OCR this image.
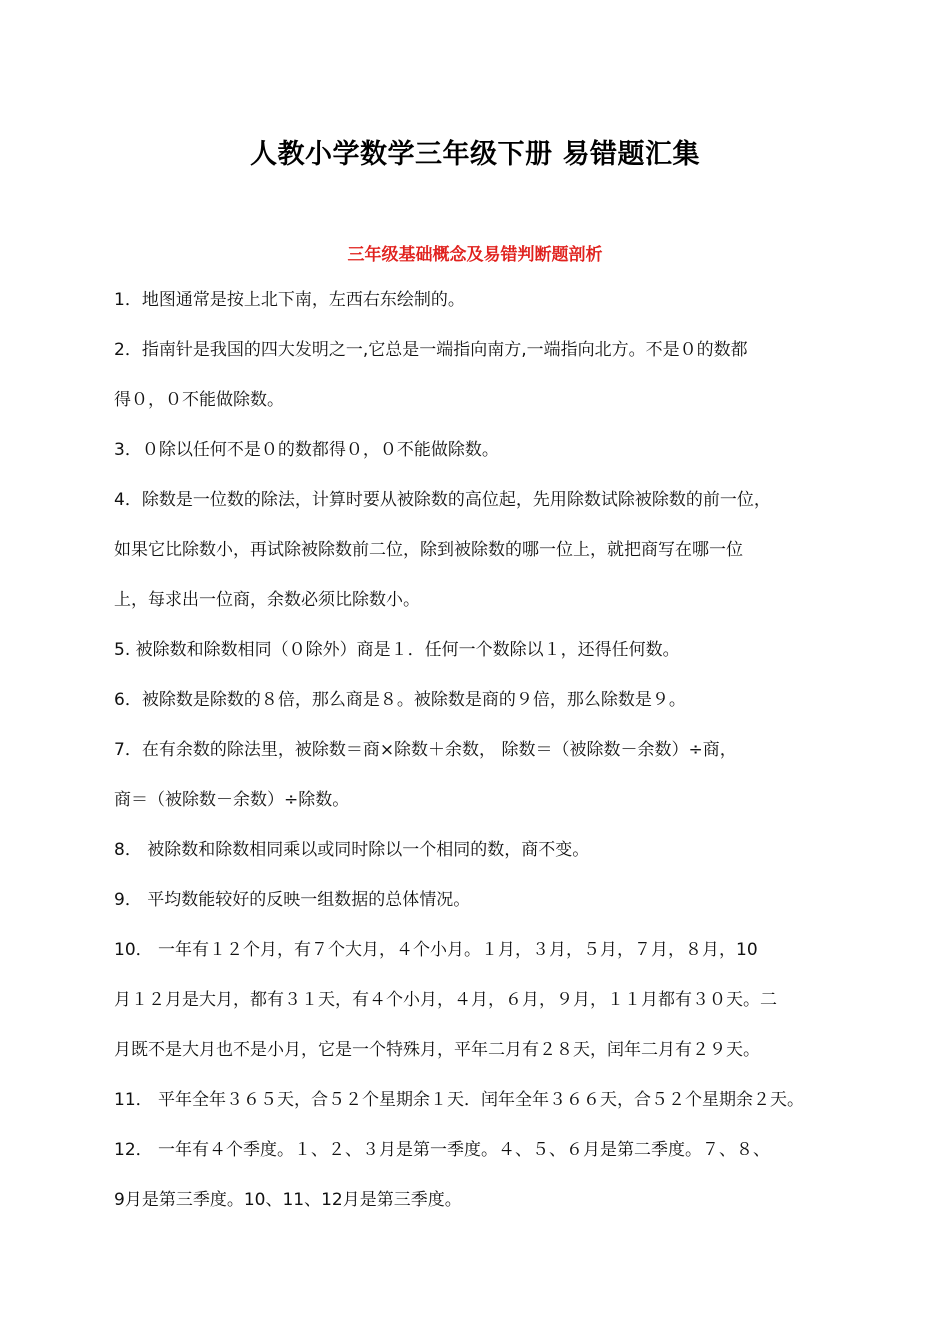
人教小学数学三年级下册 易错题汇集
三年级基础概念及易错判断题剖析
1．地图通常是按上北下南，左西右东绘制的。
2．指南针是我国的四大发明之一,它总是一端指向南方,一端指向北方。不是０的数都
得０，０不能做除数。
3．０除以任何不是０的数都得０，０不能做除数。
4．除数是一位数的除法，计算时要从被除数的高位起，先用除数试除被除数的前一位，
如果它比除数小，再试除被除数前二位，除到被除数的哪一位上，就把商写在哪一位
上，每求出一位商，余数必须比除数小。
5. 被除数和除数相同（０除外）商是１．任何一个数除以１，还得任何数。
6．被除数是除数的８倍，那么商是８。被除数是商的９倍，那么除数是９。
7．在有余数的除法里，被除数＝商×除数＋余数， 除数＝（被除数－余数）÷商，
商＝（被除数－余数）÷除数。
8． 被除数和除数相同乘以或同时除以一个相同的数，商不变。
9． 平均数能较好的反映一组数据的总体情况。
10． 一年有１２个月，有７个大月，４个小月。１月，３月，５月，７月，８月，10
月１２月是大月，都有３１天，有４个小月，４月，６月，９月，１１月都有３０天。二
月既不是大月也不是小月，它是一个特殊月，平年二月有２８天，闰年二月有２９天。
11． 平年全年３６５天，合５２个星期余１天．闰年全年３６６天，合５２个星期余２天。
12． 一年有４个季度。１、２、３月是第一季度。４、５、６月是第二季度。７、８、
9月是第三季度。10、11、12月是第三季度。
